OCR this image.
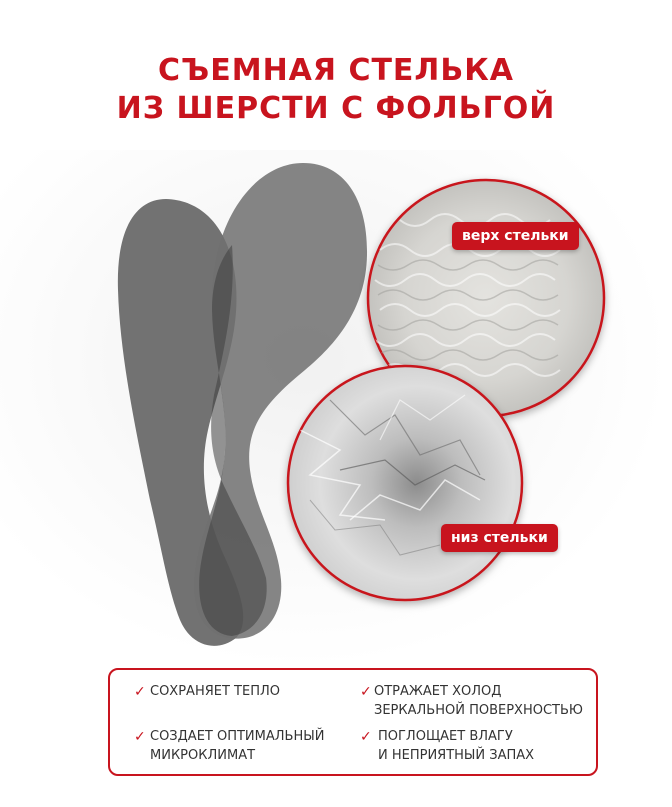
СЪЕМНАЯ СТЕЛЬКА
ИЗ ШЕРСТИ С ФОЛЬГОЙ
верх стельки
низ стельки
✓ СОХРАНЯЕТ ТЕПЛО
✓ СОЗДАЕТ ОПТИМАЛЬНЫЙ
МИКРОКЛИМАТ
✓ ОТРАЖАЕТ ХОЛОД
ЗЕРКАЛЬНОЙ ПОВЕРХНОСТЬЮ
✓ ПОГЛОЩАЕТ ВЛАГУ
И НЕПРИЯТНЫЙ ЗАПАХ
